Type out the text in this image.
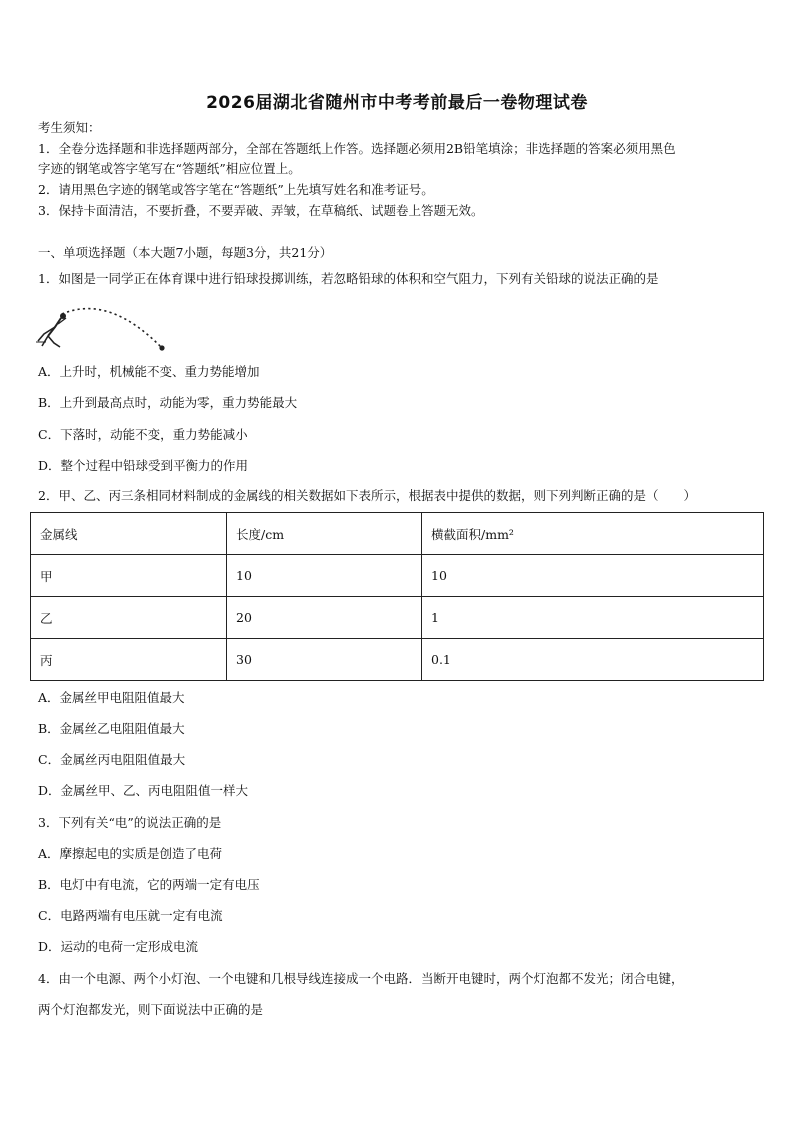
2026届湖北省随州市中考考前最后一卷物理试卷
考生须知：
1．全卷分选择题和非选择题两部分，全部在答题纸上作答。选择题必须用2B铅笔填涂；非选择题的答案必须用黑色
字迹的钢笔或答字笔写在“答题纸”相应位置上。
2．请用黑色字迹的钢笔或答字笔在“答题纸”上先填写姓名和准考证号。
3．保持卡面清洁，不要折叠，不要弄破、弄皱，在草稿纸、试题卷上答题无效。
一、单项选择题（本大题7小题，每题3分，共21分）
1．如图是一同学正在体育课中进行铅球投掷训练，若忽略铅球的体积和空气阻力，下列有关铅球的说法正确的是
A．上升时，机械能不变、重力势能增加
B．上升到最高点时，动能为零，重力势能最大
C．下落时，动能不变，重力势能减小
D．整个过程中铅球受到平衡力的作用
2．甲、乙、丙三条相同材料制成的金属线的相关数据如下表所示，根据表中提供的数据，则下列判断正确的是（　　）
金属线	长度/cm	横截面积/mm²
甲	10	10
乙	20	1
丙	30	0.1
A．金属丝甲电阻阻值最大
B．金属丝乙电阻阻值最大
C．金属丝丙电阻阻值最大
D．金属丝甲、乙、丙电阻阻值一样大
3．下列有关“电”的说法正确的是
A．摩擦起电的实质是创造了电荷
B．电灯中有电流，它的两端一定有电压
C．电路两端有电压就一定有电流
D．运动的电荷一定形成电流
4．由一个电源、两个小灯泡、一个电键和几根导线连接成一个电路．当断开电键时，两个灯泡都不发光；闭合电键，
两个灯泡都发光，则下面说法中正确的是
